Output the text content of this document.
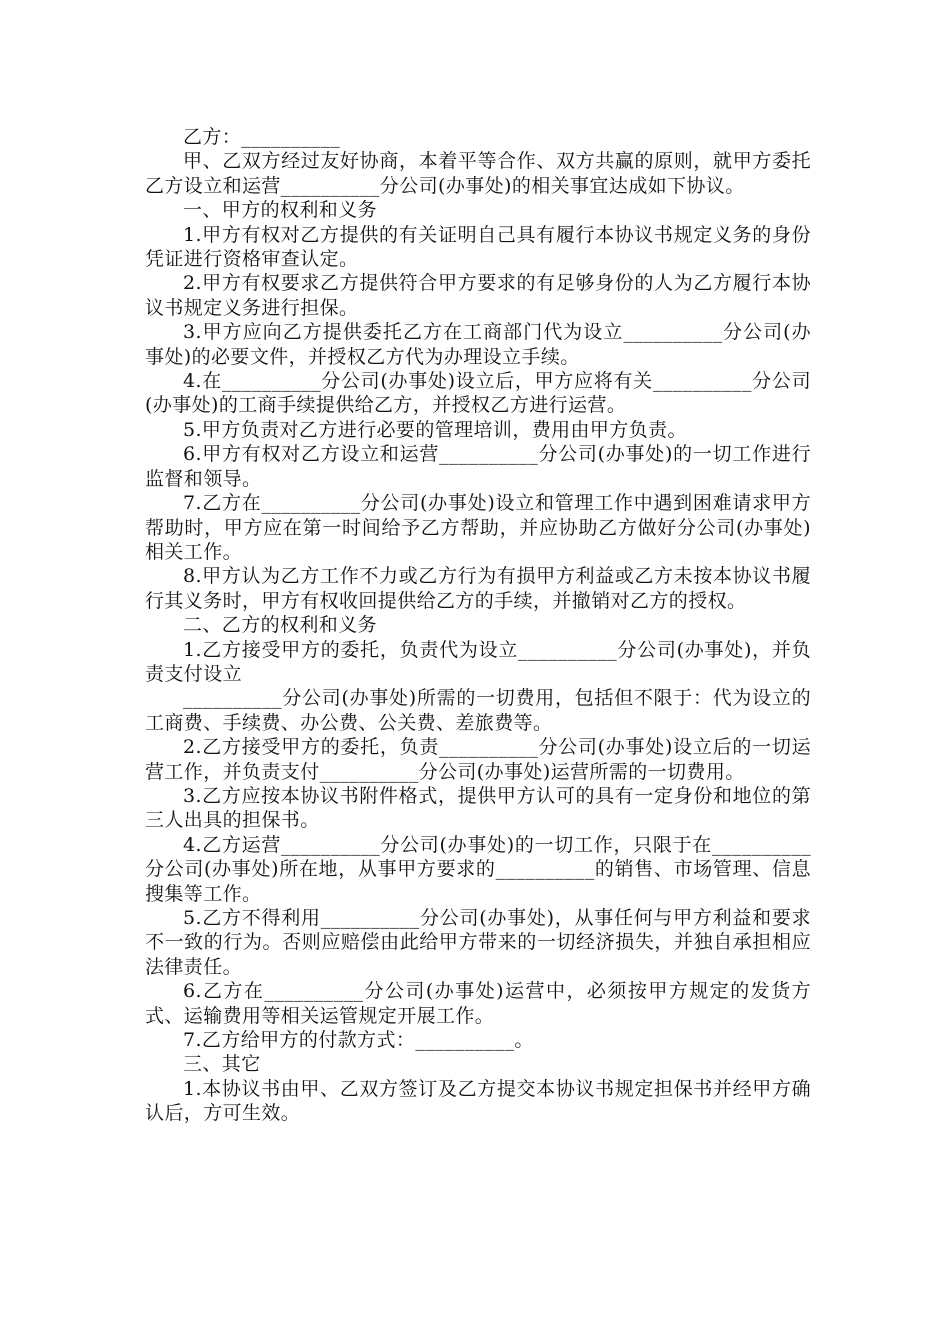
乙方：__________

甲、乙双方经过友好协商，本着平等合作、双方共赢的原则，就甲方委托乙方设立和运营__________分公司(办事处)的相关事宜达成如下协议。

一、甲方的权利和义务

1.甲方有权对乙方提供的有关证明自己具有履行本协议书规定义务的身份凭证进行资格审查认定。

2.甲方有权要求乙方提供符合甲方要求的有足够身份的人为乙方履行本协议书规定义务进行担保。

3.甲方应向乙方提供委托乙方在工商部门代为设立__________分公司(办事处)的必要文件，并授权乙方代为办理设立手续。

4.在__________分公司(办事处)设立后，甲方应将有关__________分公司(办事处)的工商手续提供给乙方，并授权乙方进行运营。

5.甲方负责对乙方进行必要的管理培训，费用由甲方负责。

6.甲方有权对乙方设立和运营__________分公司(办事处)的一切工作进行监督和领导。

7.乙方在__________分公司(办事处)设立和管理工作中遇到困难请求甲方帮助时，甲方应在第一时间给予乙方帮助，并应协助乙方做好分公司(办事处)相关工作。

8.甲方认为乙方工作不力或乙方行为有损甲方利益或乙方未按本协议书履行其义务时，甲方有权收回提供给乙方的手续，并撤销对乙方的授权。

二、乙方的权利和义务

1.乙方接受甲方的委托，负责代为设立__________分公司(办事处)，并负责支付设立

__________分公司(办事处)所需的一切费用，包括但不限于：代为设立的工商费、手续费、办公费、公关费、差旅费等。

2.乙方接受甲方的委托，负责__________分公司(办事处)设立后的一切运营工作，并负责支付__________分公司(办事处)运营所需的一切费用。

3.乙方应按本协议书附件格式，提供甲方认可的具有一定身份和地位的第三人出具的担保书。

4.乙方运营__________分公司(办事处)的一切工作，只限于在__________分公司(办事处)所在地，从事甲方要求的__________的销售、市场管理、信息搜集等工作。

5.乙方不得利用__________分公司(办事处)，从事任何与甲方利益和要求不一致的行为。否则应赔偿由此给甲方带来的一切经济损失，并独自承担相应法律责任。

6.乙方在__________分公司(办事处)运营中，必须按甲方规定的发货方式、运输费用等相关运管规定开展工作。

7.乙方给甲方的付款方式：__________。

三、其它

1.本协议书由甲、乙双方签订及乙方提交本协议书规定担保书并经甲方确认后，方可生效。
